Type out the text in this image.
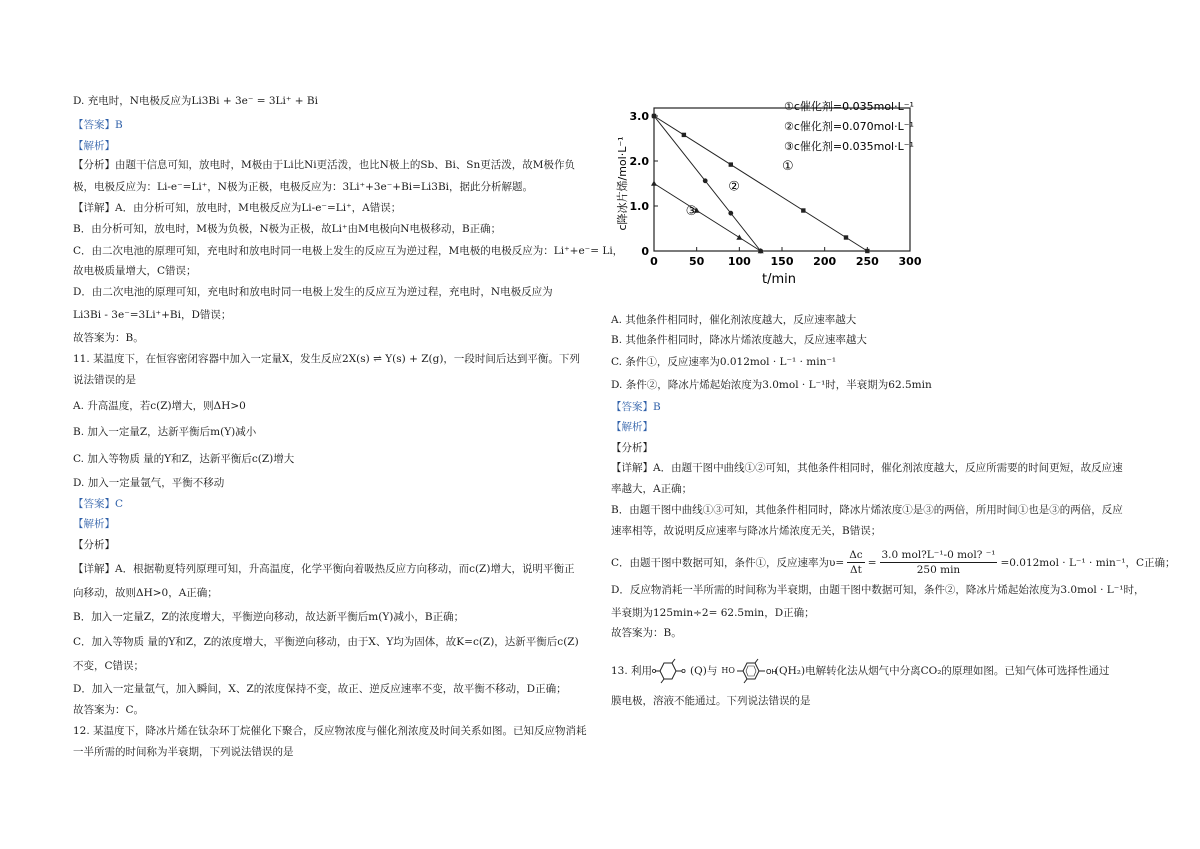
D. 充电时，N电极反应为Li3Bi + 3e⁻ = 3Li⁺ + Bi
【答案】B
【解析】
【分析】由题干信息可知，放电时，M极由于Li比Ni更活泼，也比N极上的Sb、Bi、Sn更活泼，故M极作负
极，电极反应为：Li-e⁻=Li⁺，N极为正极，电极反应为：3Li⁺+3e⁻+Bi=Li3Bi，据此分析解题。
【详解】A．由分析可知，放电时，M电极反应为Li-e⁻=Li⁺，A错误；
B．由分析可知，放电时，M极为负极，N极为正极，故Li⁺由M电极向N电极移动，B正确；
C．由二次电池的原理可知，充电时和放电时同一电极上发生的反应互为逆过程，M电极的电极反应为：Li⁺+e⁻= Li，
故电极质量增大，C错误；
D．由二次电池的原理可知，充电时和放电时同一电极上发生的反应互为逆过程，充电时，N电极反应为
Li3Bi - 3e⁻=3Li⁺+Bi，D错误；
故答案为：B。
11. 某温度下，在恒容密闭容器中加入一定量X，发生反应2X(s) ⇌ Y(s) + Z(g)，一段时间后达到平衡。下列
说法错误的是
A. 升高温度，若c(Z)增大，则ΔH>0
B. 加入一定量Z，达新平衡后m(Y)减小
C. 加入等物质 量的Y和Z，达新平衡后c(Z)增大
D. 加入一定量氩气，平衡不移动
【答案】C
【解析】
【分析】
【详解】A．根据勒夏特列原理可知，升高温度，化学平衡向着吸热反应方向移动，而c(Z)增大，说明平衡正
向移动，故则ΔH>0，A正确；
B．加入一定量Z，Z的浓度增大，平衡逆向移动，故达新平衡后m(Y)减小，B正确；
C．加入等物质 量的Y和Z，Z的浓度增大，平衡逆向移动，由于X、Y均为固体，故K=c(Z)，达新平衡后c(Z)
不变，C错误；
D．加入一定量氩气，加入瞬间，X、Z的浓度保持不变，故正、逆反应速率不变，故平衡不移动，D正确；
故答案为：C。
12. 某温度下，降冰片烯在钛杂环丁烷催化下聚合，反应物浓度与催化剂浓度及时间关系如图。已知反应物消耗
一半所需的时间称为半衰期，下列说法错误的是
A. 其他条件相同时，催化剂浓度越大，反应速率越大
B. 其他条件相同时，降冰片烯浓度越大，反应速率越大
C. 条件①，反应速率为0.012mol · L⁻¹ · min⁻¹
D. 条件②，降冰片烯起始浓度为3.0mol · L⁻¹时，半衰期为62.5min
【答案】B
【解析】
【分析】
【详解】A．由题干图中曲线①②可知，其他条件相同时，催化剂浓度越大，反应所需要的时间更短，故反应速
率越大，A正确；
B．由题干图中曲线①③可知，其他条件相同时，降冰片烯浓度①是③的两倍，所用时间①也是③的两倍，反应
速率相等，故说明反应速率与降冰片烯浓度无关，B错误；
C．由题干图中数据可知，条件①，反应速率为$\upsilon= \frac{\Delta c}{\Delta t} = \frac{\text{3.0 mol?L⁻¹-0 mol? ⁻¹}}{250 \min} =0.012mol \cdot L^{-1} \cdot \min^{-1}$，C正确；
D．反应物消耗一半所需的时间称为半衰期，由题干图中数据可知，条件②，降冰片烯起始浓度为3.0mol · L⁻¹时，
半衰期为125min÷2= 62.5min，D正确；
故答案为：B。
13. 利用	(Q)与 HO	OH
(QH₂)电解转化法从烟气中分离CO₂的原理如图。已知气体可选择性通过
膜电极，溶液不能通过。下列说法错误的是
0	50 100 150 200 250 300
0
1.0
2.0
3.0
t/min
c降冰片烯/mol·L⁻¹	①
②
③
①c催化剂=0.035mol·L⁻¹
②c催化剂=0.070mol·L⁻¹
③c催化剂=0.035mol·L⁻¹
